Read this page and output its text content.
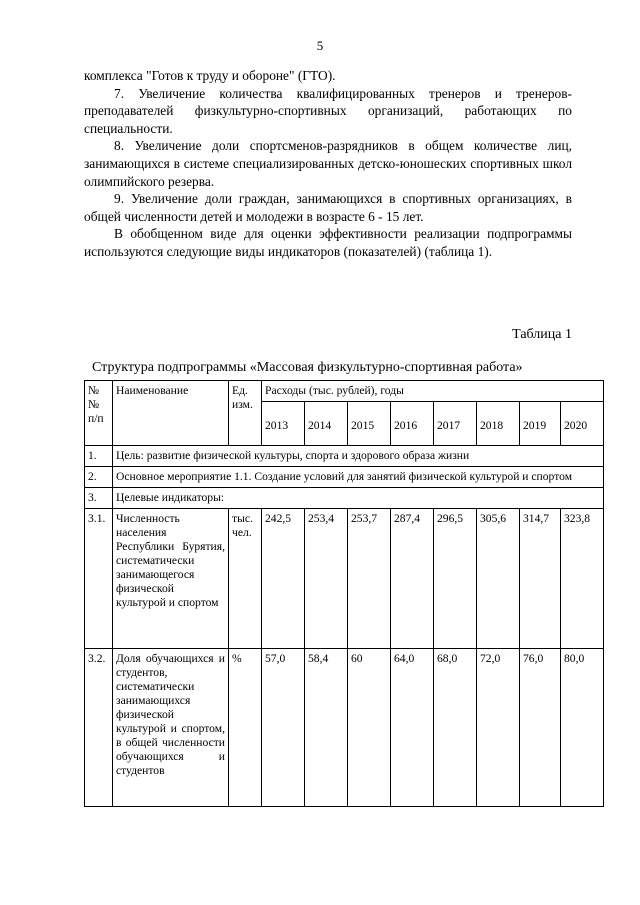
5

комплекса "Готов к труду и обороне" (ГТО).

7. Увеличение количества квалифицированных тренеров и тренеров-преподавателей физкультурно-спортивных организаций, работающих по специальности.

8. Увеличение доли спортсменов-разрядников в общем количестве лиц, занимающихся в системе специализированных детско-юношеских спортивных школ олимпийского резерва.

9. Увеличение доли граждан, занимающихся в спортивных организациях, в общей численности детей и молодежи в возрасте 6 - 15 лет.

В обобщенном виде для оценки эффективности реализации подпрограммы используются следующие виды индикаторов (показателей) (таблица 1).

Таблица 1
Структура подпрограммы «Массовая физкультурно-спортивная работа»
№ № п/п	Наименование	Ед. изм.	Расходы (тыс. рублей), годы							
			2013	2014	2015	2016	2017	2018	2019	2020
1.	Цель: развитие физической культуры, спорта и здорового образа жизни									
2.	Основное мероприятие 1.1. Создание условий для занятий физической культурой и спортом									
3.	Целевые индикаторы:									
3.1.	Численность населения Республики Бурятия, систематически занимающегося физической культурой и спортом	тыс. чел.	242,5	253,4	253,7	287,4	296,5	305,6	314,7	323,8
3.2.	Доля обучающихся и студентов, систематически занимающихся физической культурой и спортом, в общей численности обучающихся и студентов	%	57,0	58,4	60	64,0	68,0	72,0	76,0	80,0
